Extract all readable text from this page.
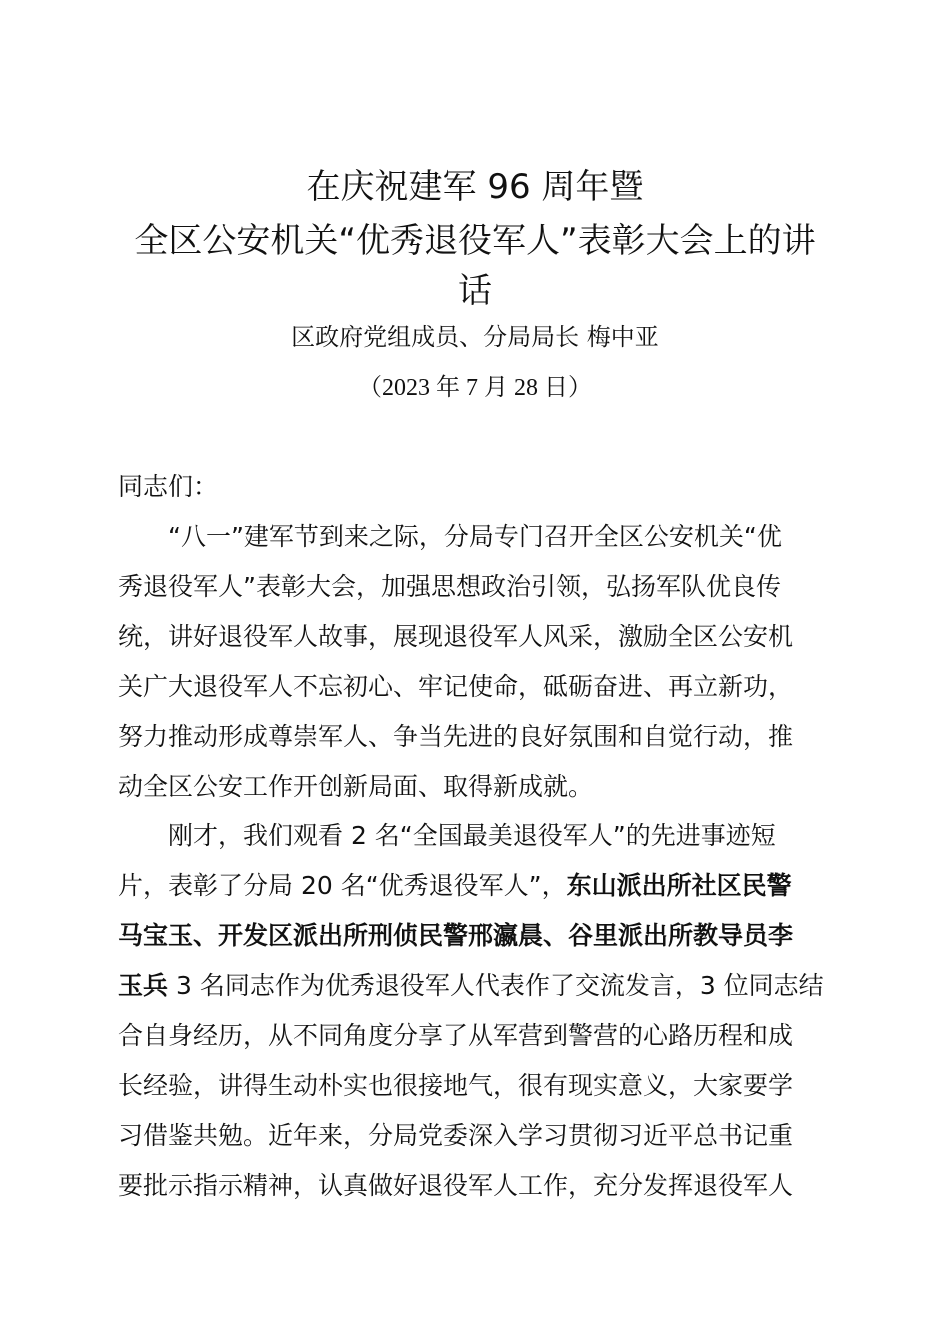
在庆祝建军 96 周年暨
全区公安机关“优秀退役军人”表彰大会上的讲
话
区政府党组成员、分局局长 梅中亚
（2023 年 7 月 28 日）
同志们：
“八一”建军节到来之际，分局专门召开全区公安机关“优
秀退役军人”表彰大会，加强思想政治引领，弘扬军队优良传
统，讲好退役军人故事，展现退役军人风采，激励全区公安机
关广大退役军人不忘初心、牢记使命，砥砺奋进、再立新功，
努力推动形成尊崇军人、争当先进的良好氛围和自觉行动，推
动全区公安工作开创新局面、取得新成就。
刚才，我们观看 2 名“全国最美退役军人”的先进事迹短
片，表彰了分局 20 名“优秀退役军人”，东山派出所社区民警
马宝玉、开发区派出所刑侦民警邢瀛晨、谷里派出所教导员李
玉兵 3 名同志作为优秀退役军人代表作了交流发言，3 位同志结
合自身经历，从不同角度分享了从军营到警营的心路历程和成
长经验，讲得生动朴实也很接地气，很有现实意义，大家要学
习借鉴共勉。近年来，分局党委深入学习贯彻习近平总书记重
要批示指示精神，认真做好退役军人工作，充分发挥退役军人
